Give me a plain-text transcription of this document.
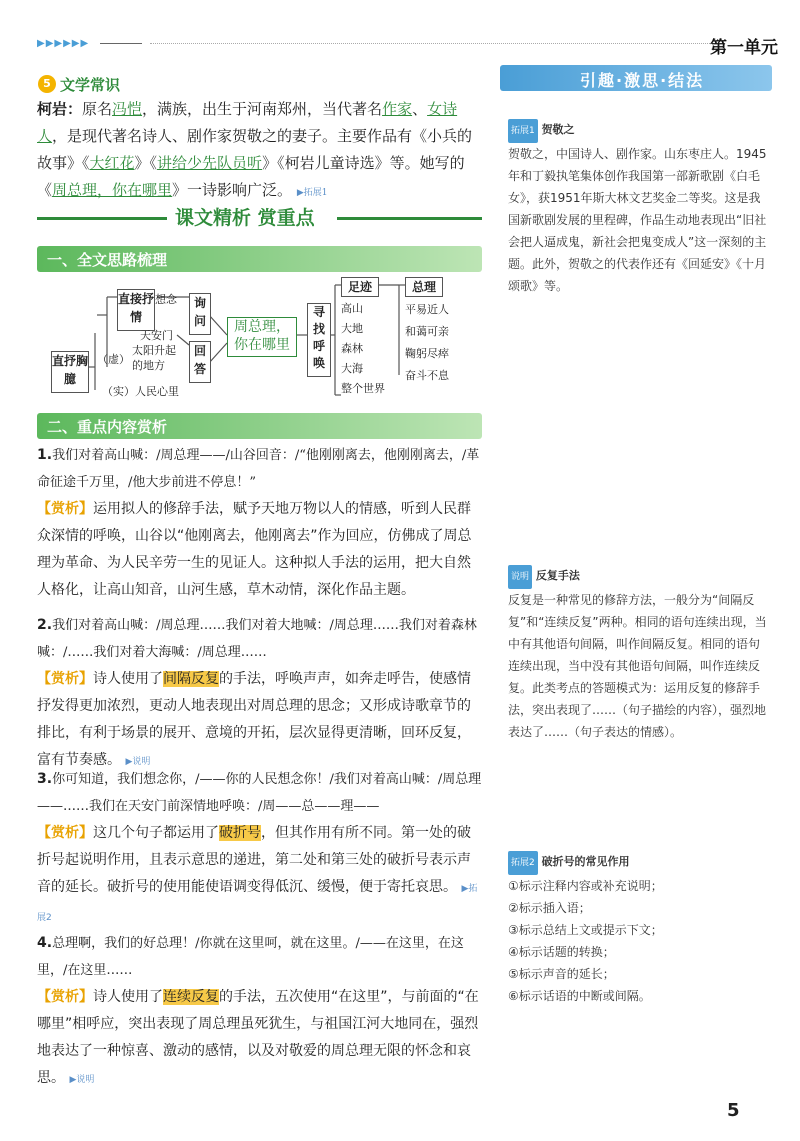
▶▶▶▶▶▶	第一单元
5 文学常识
柯岩：原名冯恺，满族，出生于河南郑州，当代著名作家、女诗人，是现代著名诗人、剧作家贺敬之的妻子。主要作品有《小兵的故事》《大红花》《讲给少先队员听》《柯岩儿童诗选》等。她写的《周总理，你在哪里》一诗影响广泛。 ▶拓展1
课文精析 赏重点
一、全文思路梳理
直接抒情
想念	询问
天安门
（虚）
太阳升起的地方
回答
直抒胸臆
（实）人民心里
周总理，你在哪里
寻找呼唤
足迹
高山
大地
森林
大海
整个世界
总理
平易近人
和蔼可亲
鞠躬尽瘁
奋斗不息
二、重点内容赏析
1.我们对着高山喊：/周总理——/山谷回音：/“他刚刚离去，他刚刚离去，/革命征途千万里，/他大步前进不停息！”
【赏析】运用拟人的修辞手法，赋予天地万物以人的情感，听到人民群众深情的呼唤，山谷以“他刚离去，他刚离去”作为回应，仿佛成了周总理为革命、为人民辛劳一生的见证人。这种拟人手法的运用，把大自然人格化，让高山知音，山河生感，草木动情，深化作品主题。
2.我们对着高山喊：/周总理……我们对着大地喊：/周总理……我们对着森林喊：/……我们对着大海喊：/周总理……
【赏析】诗人使用了间隔反复的手法，呼唤声声，如奔走呼告，使感情抒发得更加浓烈，更动人地表现出对周总理的思念；又形成诗歌章节的排比，有利于场景的展开、意境的开拓，层次显得更清晰，回环反复，富有节奏感。 ▶说明
3.你可知道，我们想念你，/——你的人民想念你！/我们对着高山喊：/周总理——……我们在天安门前深情地呼唤：/周——总——理——
【赏析】这几个句子都运用了破折号，但其作用有所不同。第一处的破折号起说明作用，且表示意思的递进，第二处和第三处的破折号表示声音的延长。破折号的使用能使语调变得低沉、缓慢，便于寄托哀思。 ▶拓展2
4.总理啊，我们的好总理！/你就在这里呵，就在这里。/——在这里，在这里，/在这里……
【赏析】诗人使用了连续反复的手法，五次使用“在这里”，与前面的“在哪里”相呼应，突出表现了周总理虽死犹生，与祖国江河大地同在，强烈地表达了一种惊喜、激动的感情，以及对敬爱的周总理无限的怀念和哀思。 ▶说明
引趣·激思·结法
拓展1 贺敬之
贺敬之，中国诗人、剧作家。山东枣庄人。1945年和丁毅执笔集体创作我国第一部新歌剧《白毛女》，获1951年斯大林文艺奖金二等奖。这是我国新歌剧发展的里程碑，作品生动地表现出“旧社会把人逼成鬼，新社会把鬼变成人”这一深刻的主题。此外，贺敬之的代表作还有《回延安》《十月颂歌》等。
说明 反复手法
反复是一种常见的修辞方法，一般分为“间隔反复”和“连续反复”两种。相同的语句连续出现，当中有其他语句间隔，叫作间隔反复。相同的语句连续出现，当中没有其他语句间隔，叫作连续反复。此类考点的答题模式为：运用反复的修辞手法，突出表现了……（句子描绘的内容），强烈地表达了……（句子表达的情感）。
拓展2 破折号的常见作用
①标示注释内容或补充说明；
②标示插入语；
③标示总结上文或提示下文；
④标示话题的转换；
⑤标示声音的延长；
⑥标示话语的中断或间隔。
5
